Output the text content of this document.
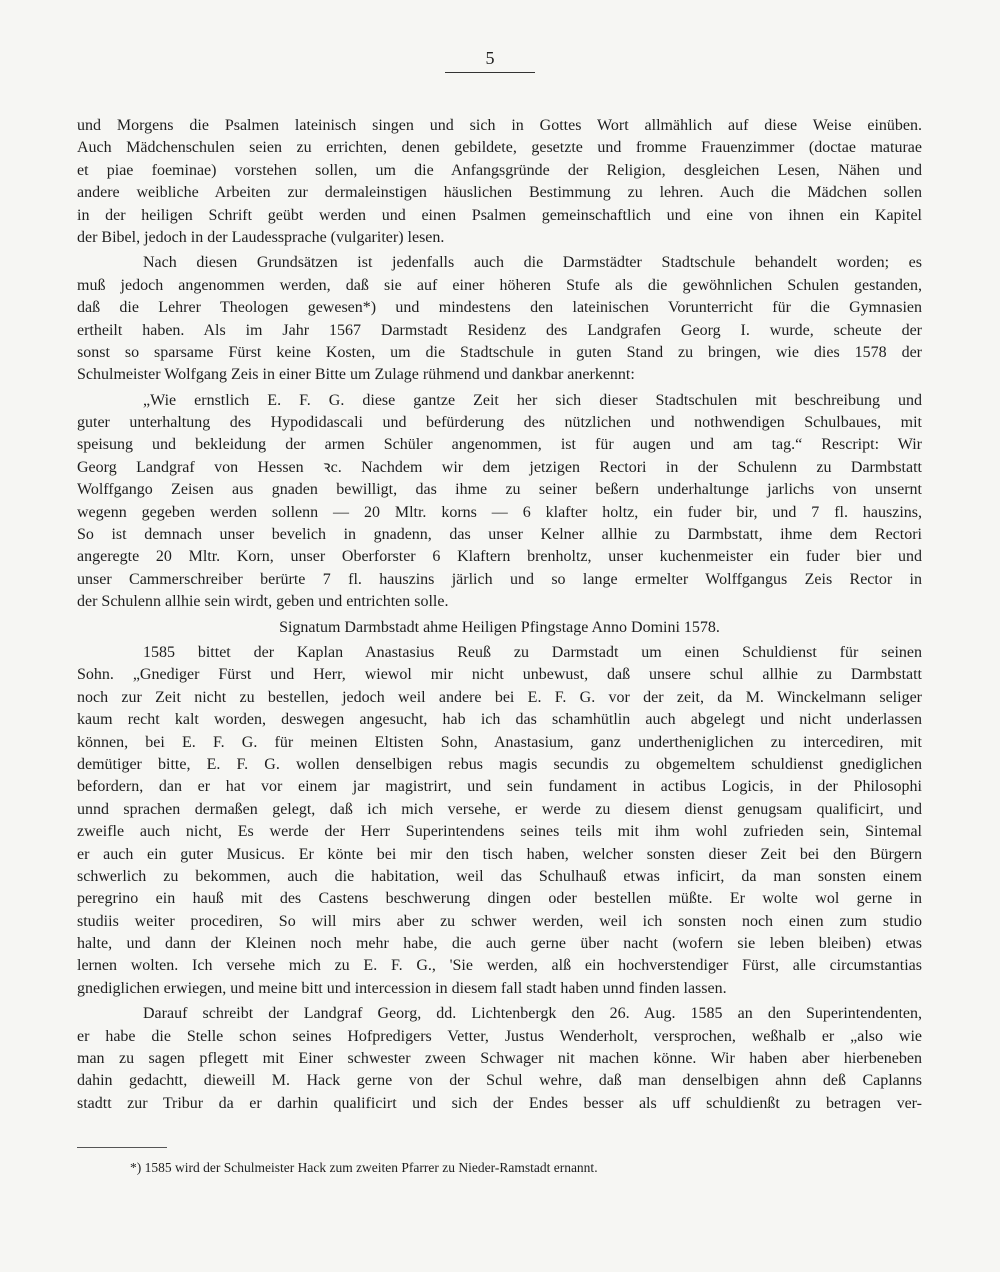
5
und Morgens die Psalmen lateinisch singen und sich in Gottes Wort allmählich auf diese Weise einüben.
Auch Mädchenschulen seien zu errichten, denen gebildete, gesetzte und fromme Frauenzimmer (doctae maturae
et piae foeminae) vorstehen sollen, um die Anfangsgründe der Religion, desgleichen Lesen, Nähen und
andere weibliche Arbeiten zur dermaleinstigen häuslichen Bestimmung zu lehren. Auch die Mädchen sollen
in der heiligen Schrift geübt werden und einen Psalmen gemeinschaftlich und eine von ihnen ein Kapitel
der Bibel, jedoch in der Laudessprache (vulgariter) lesen.
Nach diesen Grundsätzen ist jedenfalls auch die Darmstädter Stadtschule behandelt worden; es
muß jedoch angenommen werden, daß sie auf einer höheren Stufe als die gewöhnlichen Schulen gestanden,
daß die Lehrer Theologen gewesen*) und mindestens den lateinischen Vorunterricht für die Gymnasien
ertheilt haben. Als im Jahr 1567 Darmstadt Residenz des Landgrafen Georg I. wurde, scheute der
sonst so sparsame Fürst keine Kosten, um die Stadtschule in guten Stand zu bringen, wie dies 1578 der
Schulmeister Wolfgang Zeis in einer Bitte um Zulage rühmend und dankbar anerkennt:
„Wie ernstlich E. F. G. diese gantze Zeit her sich dieser Stadtschulen mit beschreibung und
guter unterhaltung des Hypodidascali und befürderung des nützlichen und nothwendigen Schulbaues, mit
speisung und bekleidung der armen Schüler angenommen, ist für augen und am tag.“ Rescript: Wir
Georg Landgraf von Hessen ꝛc. Nachdem wir dem jetzigen Rectori in der Schulenn zu Darmbstatt
Wolffgango Zeisen aus gnaden bewilligt, das ihme zu seiner beßern underhaltunge jarlichs von unsernt
wegenn gegeben werden sollenn — 20 Mltr. korns — 6 klafter holtz, ein fuder bir, und 7 fl. hauszins,
So ist demnach unser bevelich in gnadenn, das unser Kelner allhie zu Darmbstatt, ihme dem Rectori
angeregte 20 Mltr. Korn, unser Oberforster 6 Klaftern brenholtz, unser kuchenmeister ein fuder bier und
unser Cammerschreiber berürte 7 fl. hauszins järlich und so lange ermelter Wolffgangus Zeis Rector in
der Schulenn allhie sein wirdt, geben und entrichten solle.
Signatum Darmbstadt ahme Heiligen Pfingstage Anno Domini 1578.
1585 bittet der Kaplan Anastasius Reuß zu Darmstadt um einen Schuldienst für seinen
Sohn. „Gnediger Fürst und Herr, wiewol mir nicht unbewust, daß unsere schul allhie zu Darmbstatt
noch zur Zeit nicht zu bestellen, jedoch weil andere bei E. F. G. vor der zeit, da M. Winckelmann seliger
kaum recht kalt worden, deswegen angesucht, hab ich das schamhütlin auch abgelegt und nicht underlassen
können, bei E. F. G. für meinen Eltisten Sohn, Anastasium, ganz undertheniglichen zu intercediren, mit
demütiger bitte, E. F. G. wollen denselbigen rebus magis secundis zu obgemeltem schuldienst gnediglichen
befordern, dan er hat vor einem jar magistrirt, und sein fundament in actibus Logicis, in der Philosophi
unnd sprachen dermaßen gelegt, daß ich mich versehe, er werde zu diesem dienst genugsam qualificirt, und
zweifle auch nicht, Es werde der Herr Superintendens seines teils mit ihm wohl zufrieden sein, Sintemal
er auch ein guter Musicus. Er könte bei mir den tisch haben, welcher sonsten dieser Zeit bei den Bürgern
schwerlich zu bekommen, auch die habitation, weil das Schulhauß etwas inficirt, da man sonsten einem
peregrino ein hauß mit des Castens beschwerung dingen oder bestellen müßte. Er wolte wol gerne in
studiis weiter procediren, So will mirs aber zu schwer werden, weil ich sonsten noch einen zum studio
halte, und dann der Kleinen noch mehr habe, die auch gerne über nacht (wofern sie leben bleiben) etwas
lernen wolten. Ich versehe mich zu E. F. G., 'Sie werden, alß ein hochverstendiger Fürst, alle circumstantias
gnediglichen erwiegen, und meine bitt und intercession in diesem fall stadt haben unnd finden lassen.
Darauf schreibt der Landgraf Georg, dd. Lichtenbergk den 26. Aug. 1585 an den Superintendenten,
er habe die Stelle schon seines Hofpredigers Vetter, Justus Wenderholt, versprochen, weßhalb er „also wie
man zu sagen pflegett mit Einer schwester zween Schwager nit machen könne. Wir haben aber hierbeneben
dahin gedachtt, dieweill M. Hack gerne von der Schul wehre, daß man denselbigen ahnn deß Caplanns
stadtt zur Tribur da er darhin qualificirt und sich der Endes besser als uff schuldienßt zu betragen ver-
*) 1585 wird der Schulmeister Hack zum zweiten Pfarrer zu Nieder-Ramstadt ernannt.
